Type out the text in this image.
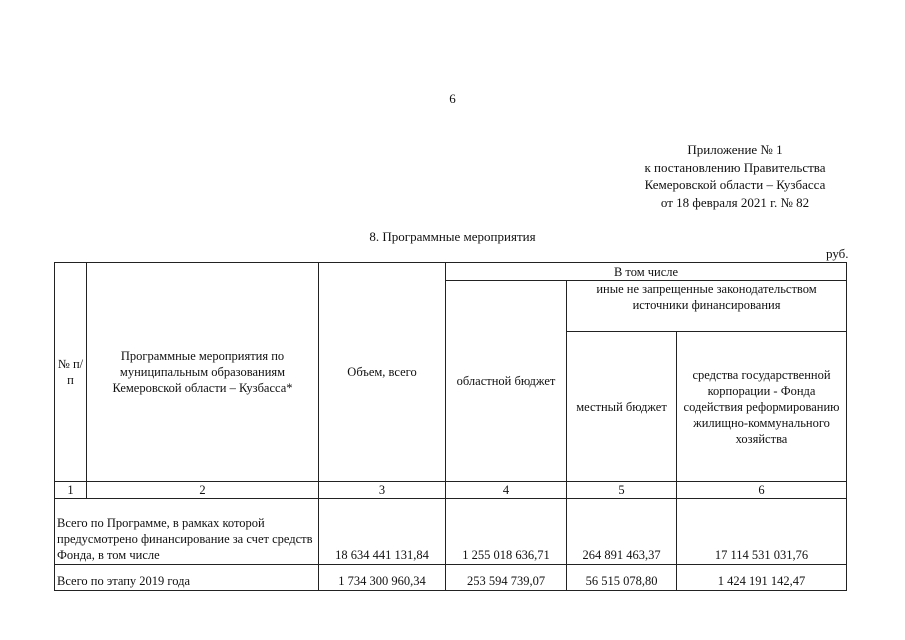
6
Приложение № 1
к постановлению Правительства
Кемеровской области – Кузбасса
от 18 февраля 2021 г. № 82
8. Программные мероприятия
руб.
№ п/п	Программные мероприятия по муниципальным образованиям Кемеровской области – Кузбасса*	Объем, всего	В том числе		
			областной бюджет	иные не запрещенные законодательством источники финансирования	
				местный бюджет	средства государственной корпорации - Фонда содействия реформированию жилищно-коммунального хозяйства
1	2	3	4	5	6
Всего по Программе, в рамках которой предусмотрено финансирование за счет средств Фонда, в том числе		18 634 441 131,84	1 255 018 636,71	264 891 463,37	17 114 531 031,76
Всего по этапу 2019 года		1 734 300 960,34	253 594 739,07	56 515 078,80	1 424 191 142,47
